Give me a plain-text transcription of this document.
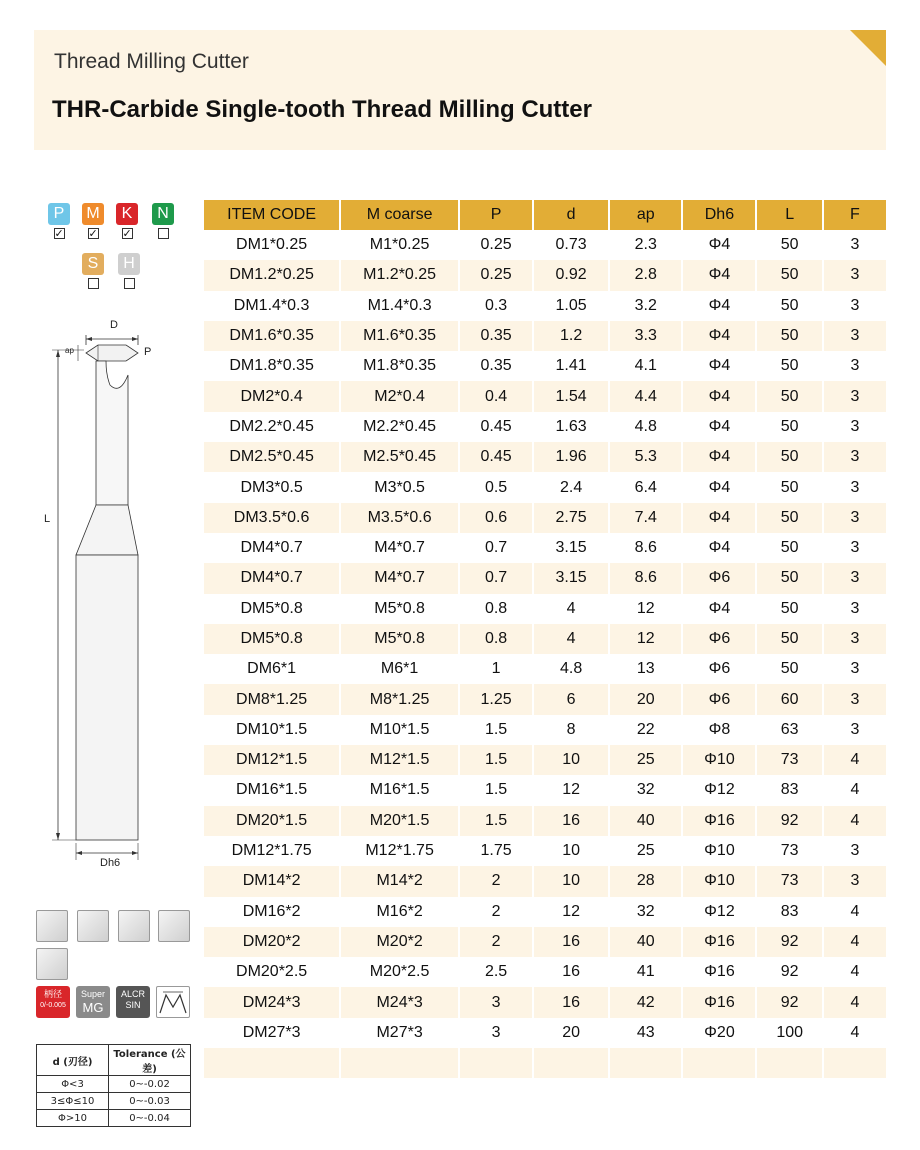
Thread Milling Cutter
THR-Carbide Single-tooth Thread Milling Cutter
P
✓
M
✓
K
✓
N
S	H
D
ap	P
L
Dh6
柄径
0/-0.005
Super
MG
ALCR
SIN
d (刃径)	Tolerance (公差)
Φ<3	0~-0.02
3≤Φ≤10	0~-0.03
Φ>10	0~-0.04
ITEM CODE	M coarse	P	d	ap	Dh6	L	F
DM1*0.25	M1*0.25	0.25	0.73	2.3	Φ4	50	3
DM1.2*0.25	M1.2*0.25	0.25	0.92	2.8	Φ4	50	3
DM1.4*0.3	M1.4*0.3	0.3	1.05	3.2	Φ4	50	3
DM1.6*0.35	M1.6*0.35	0.35	1.2	3.3	Φ4	50	3
DM1.8*0.35	M1.8*0.35	0.35	1.41	4.1	Φ4	50	3
DM2*0.4	M2*0.4	0.4	1.54	4.4	Φ4	50	3
DM2.2*0.45	M2.2*0.45	0.45	1.63	4.8	Φ4	50	3
DM2.5*0.45	M2.5*0.45	0.45	1.96	5.3	Φ4	50	3
DM3*0.5	M3*0.5	0.5	2.4	6.4	Φ4	50	3
DM3.5*0.6	M3.5*0.6	0.6	2.75	7.4	Φ4	50	3
DM4*0.7	M4*0.7	0.7	3.15	8.6	Φ4	50	3
DM4*0.7	M4*0.7	0.7	3.15	8.6	Φ6	50	3
DM5*0.8	M5*0.8	0.8	4	12	Φ4	50	3
DM5*0.8	M5*0.8	0.8	4	12	Φ6	50	3
DM6*1	M6*1	1	4.8	13	Φ6	50	3
DM8*1.25	M8*1.25	1.25	6	20	Φ6	60	3
DM10*1.5	M10*1.5	1.5	8	22	Φ8	63	3
DM12*1.5	M12*1.5	1.5	10	25	Φ10	73	4
DM16*1.5	M16*1.5	1.5	12	32	Φ12	83	4
DM20*1.5	M20*1.5	1.5	16	40	Φ16	92	4
DM12*1.75	M12*1.75	1.75	10	25	Φ10	73	3
DM14*2	M14*2	2	10	28	Φ10	73	3
DM16*2	M16*2	2	12	32	Φ12	83	4
DM20*2	M20*2	2	16	40	Φ16	92	4
DM20*2.5	M20*2.5	2.5	16	41	Φ16	92	4
DM24*3	M24*3	3	16	42	Φ16	92	4
DM27*3	M27*3	3	20	43	Φ20	100	4
